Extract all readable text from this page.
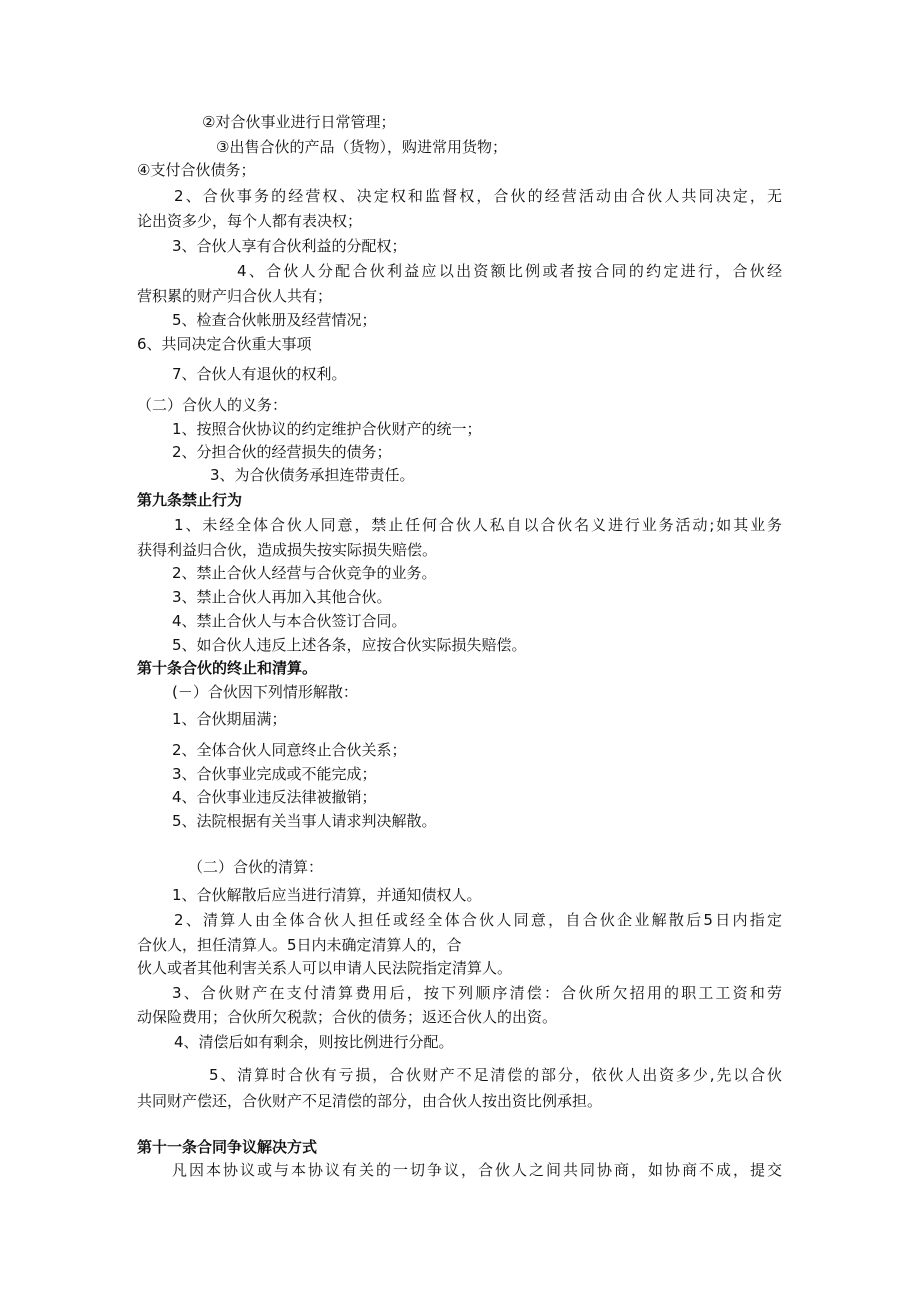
②对合伙事业进行日常管理；
③出售合伙的产品（货物），购进常用货物；
④支付合伙债务；
2、合伙事务的经营权、决定权和监督权，合伙的经营活动由合伙人共同决定，无
论出资多少，每个人都有表决权；
3、合伙人享有合伙利益的分配权；
4、合伙人分配合伙利益应以出资额比例或者按合同的约定进行，合伙经
营积累的财产归合伙人共有；
5、检查合伙帐册及经营情况；
6、共同决定合伙重大事项
7、合伙人有退伙的权利。
（二）合伙人的义务：
1、按照合伙协议的约定维护合伙财产的统一；
2、分担合伙的经营损失的债务；
3、为合伙债务承担连带责任。
第九条禁止行为
1、未经全体合伙人同意，禁止任何合伙人私自以合伙名义进行业务活动;如其业务
获得利益归合伙，造成损失按实际损失赔偿。
2、禁止合伙人经营与合伙竞争的业务。
3、禁止合伙人再加入其他合伙。
4、禁止合伙人与本合伙签订合同。
5、如合伙人违反上述各条，应按合伙实际损失赔偿。
第十条合伙的终止和清算。
(－）合伙因下列情形解散：
1、合伙期届满；
2、全体合伙人同意终止合伙关系；
3、合伙事业完成或不能完成；
4、合伙事业违反法律被撤销；
5、法院根据有关当事人请求判决解散。
（二）合伙的清算：
1、合伙解散后应当进行清算，并通知债权人。
2、清算人由全体合伙人担任或经全体合伙人同意，自合伙企业解散后5日内指定
合伙人，担任清算人。5日内未确定清算人的，合
伙人或者其他利害关系人可以申请人民法院指定清算人。
3、合伙财产在支付清算费用后，按下列顺序清偿：合伙所欠招用的职工工资和劳
动保险费用；合伙所欠税款；合伙的债务；返还合伙人的出资。
4、清偿后如有剩余，则按比例进行分配。
5、清算时合伙有亏损，合伙财产不足清偿的部分，依伙人出资多少,先以合伙
共同财产偿还，合伙财产不足清偿的部分，由合伙人按出资比例承担。
第十一条合同争议解决方式
凡因本协议或与本协议有关的一切争议，合伙人之间共同协商，如协商不成，提交
